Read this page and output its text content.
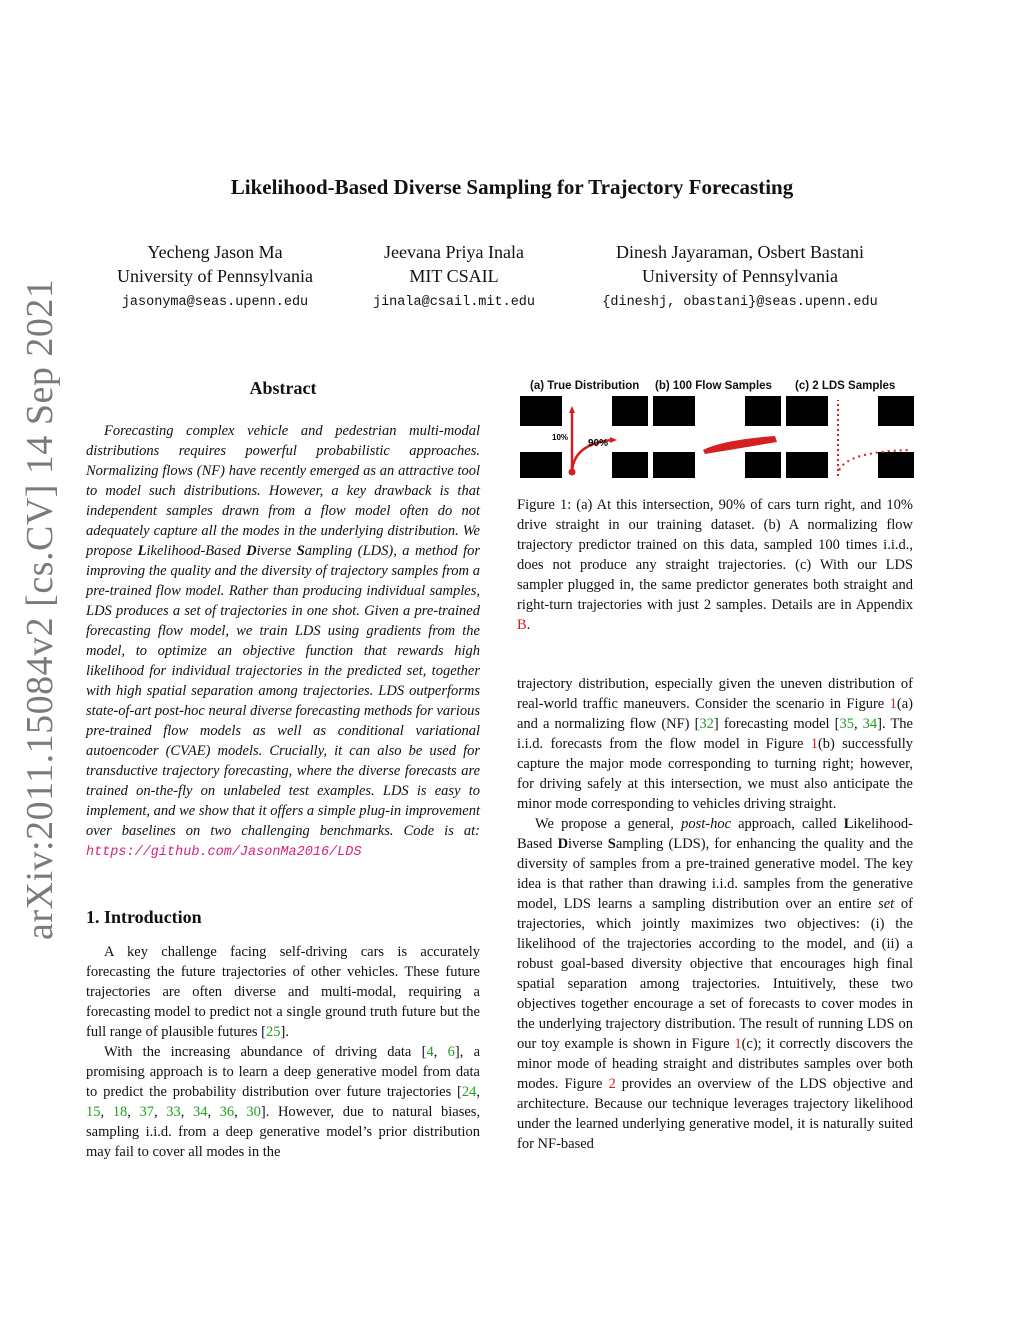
arXiv:2011.15084v2 [cs.CV] 14 Sep 2021
Likelihood-Based Diverse Sampling for Trajectory Forecasting
Yecheng Jason Ma
University of Pennsylvania
jasonyma@seas.upenn.edu
Jeevana Priya Inala
MIT CSAIL
jinala@csail.mit.edu
Dinesh Jayaraman, Osbert Bastani
University of Pennsylvania
{dineshj, obastani}@seas.upenn.edu
Abstract
Forecasting complex vehicle and pedestrian multi-modal distributions requires powerful probabilistic approaches. Normalizing flows (NF) have recently emerged as an attractive tool to model such distributions. However, a key drawback is that independent samples drawn from a flow model often do not adequately capture all the modes in the underlying distribution. We propose Likelihood-Based Diverse Sampling (LDS), a method for improving the quality and the diversity of trajectory samples from a pre-trained flow model. Rather than producing individual samples, LDS produces a set of trajectories in one shot. Given a pre-trained forecasting flow model, we train LDS using gradients from the model, to optimize an objective function that rewards high likelihood for individual trajectories in the predicted set, together with high spatial separation among trajectories. LDS outperforms state-of-art post-hoc neural diverse forecasting methods for various pre-trained flow models as well as conditional variational autoencoder (CVAE) models. Crucially, it can also be used for transductive trajectory forecasting, where the diverse forecasts are trained on-the-fly on unlabeled test examples. LDS is easy to implement, and we show that it offers a simple plug-in improvement over baselines on two challenging benchmarks. Code is at: https://github.com/JasonMa2016/LDS
1. Introduction

A key challenge facing self-driving cars is accurately forecasting the future trajectories of other vehicles. These future trajectories are often diverse and multi-modal, requiring a forecasting model to predict not a single ground truth future but the full range of plausible futures [25].

With the increasing abundance of driving data [4, 6], a promising approach is to learn a deep generative model from data to predict the probability distribution over future trajectories [24, 15, 18, 37, 33, 34, 36, 30]. However, due to natural biases, sampling i.i.d. from a deep generative model’s prior distribution may fail to cover all modes in the

(a) True Distribution (b) 100 Flow Samples (c) 2 LDS Samples
10%
90%
Figure 1: (a) At this intersection, 90% of cars turn right, and 10% drive straight in our training dataset. (b) A normalizing flow trajectory predictor trained on this data, sampled 100 times i.i.d., does not produce any straight trajectories. (c) With our LDS sampler plugged in, the same predictor generates both straight and right-turn trajectories with just 2 samples. Details are in Appendix B.

trajectory distribution, especially given the uneven distribution of real-world traffic maneuvers. Consider the scenario in Figure 1(a) and a normalizing flow (NF) [32] forecasting model [35, 34]. The i.i.d. forecasts from the flow model in Figure 1(b) successfully capture the major mode corresponding to turning right; however, for driving safely at this intersection, we must also anticipate the minor mode corresponding to vehicles driving straight.

We propose a general, post-hoc approach, called Likelihood-Based Diverse Sampling (LDS), for enhancing the quality and the diversity of samples from a pre-trained generative model. The key idea is that rather than drawing i.i.d. samples from the generative model, LDS learns a sampling distribution over an entire set of trajectories, which jointly maximizes two objectives: (i) the likelihood of the trajectories according to the model, and (ii) a robust goal-based diversity objective that encourages high final spatial separation among trajectories. Intuitively, these two objectives together encourage a set of forecasts to cover modes in the underlying trajectory distribution. The result of running LDS on our toy example is shown in Figure 1(c); it correctly discovers the minor mode of heading straight and distributes samples over both modes. Figure 2 provides an overview of the LDS objective and architecture. Because our technique leverages trajectory likelihood under the learned underlying generative model, it is naturally suited for NF-based
